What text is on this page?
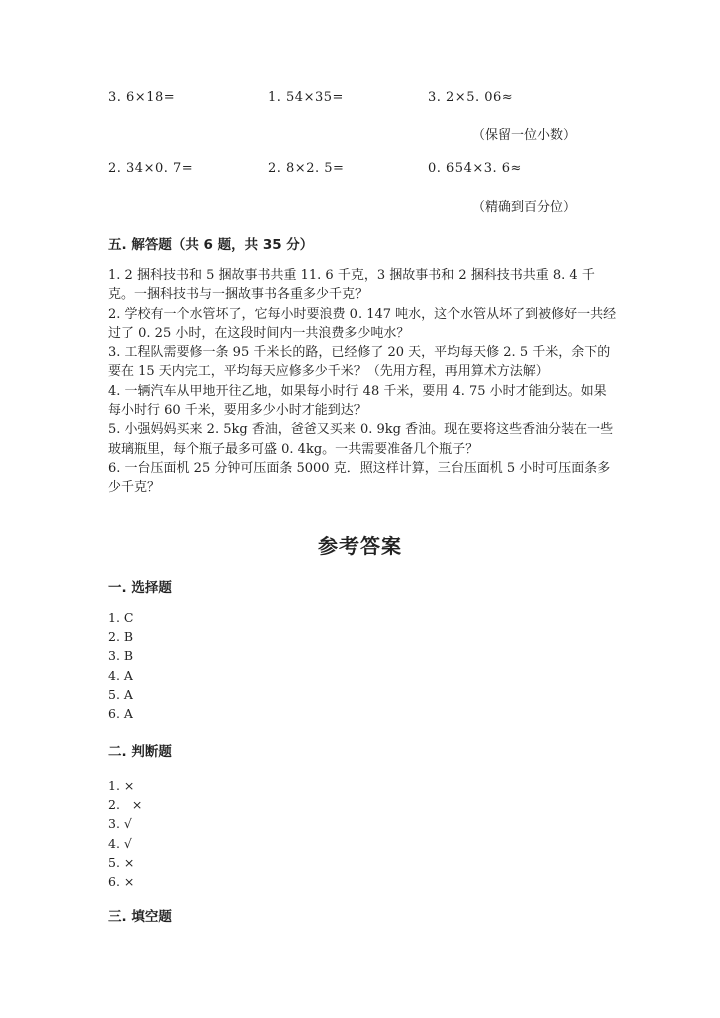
3. 6×18=	1. 54×35=	3. 2×5. 06≈
（保留一位小数）
2. 34×0. 7=	2. 8×2. 5=	0. 654×3. 6≈
（精确到百分位）
五. 解答题（共 6 题，共 35 分）

1. 2 捆科技书和 5 捆故事书共重 11. 6 千克，3 捆故事书和 2 捆科技书共重 8. 4 千克。一捆科技书与一捆故事书各重多少千克？

2. 学校有一个水管坏了，它每小时要浪费 0. 147 吨水，这个水管从坏了到被修好一共经过了 0. 25 小时，在这段时间内一共浪费多少吨水？

3. 工程队需要修一条 95 千米长的路，已经修了 20 天，平均每天修 2. 5 千米，余下的要在 15 天内完工，平均每天应修多少千米？（先用方程，再用算术方法解）

4. 一辆汽车从甲地开往乙地，如果每小时行 48 千米，要用 4. 75 小时才能到达。如果每小时行 60 千米，要用多少小时才能到达？

5. 小强妈妈买来 2. 5kg 香油，爸爸又买来 0. 9kg 香油。现在要将这些香油分装在一些玻璃瓶里，每个瓶子最多可盛 0. 4kg。一共需要准备几个瓶子？

6. 一台压面机 25 分钟可压面条 5000 克．照这样计算，三台压面机 5 小时可压面条多少千克？

参考答案
一. 选择题
1. C
2. B
3. B
4. A
5. A
6. A
二. 判断题
1. ×
2.   ×
3. √
4. √
5. ×
6. ×
三. 填空题
